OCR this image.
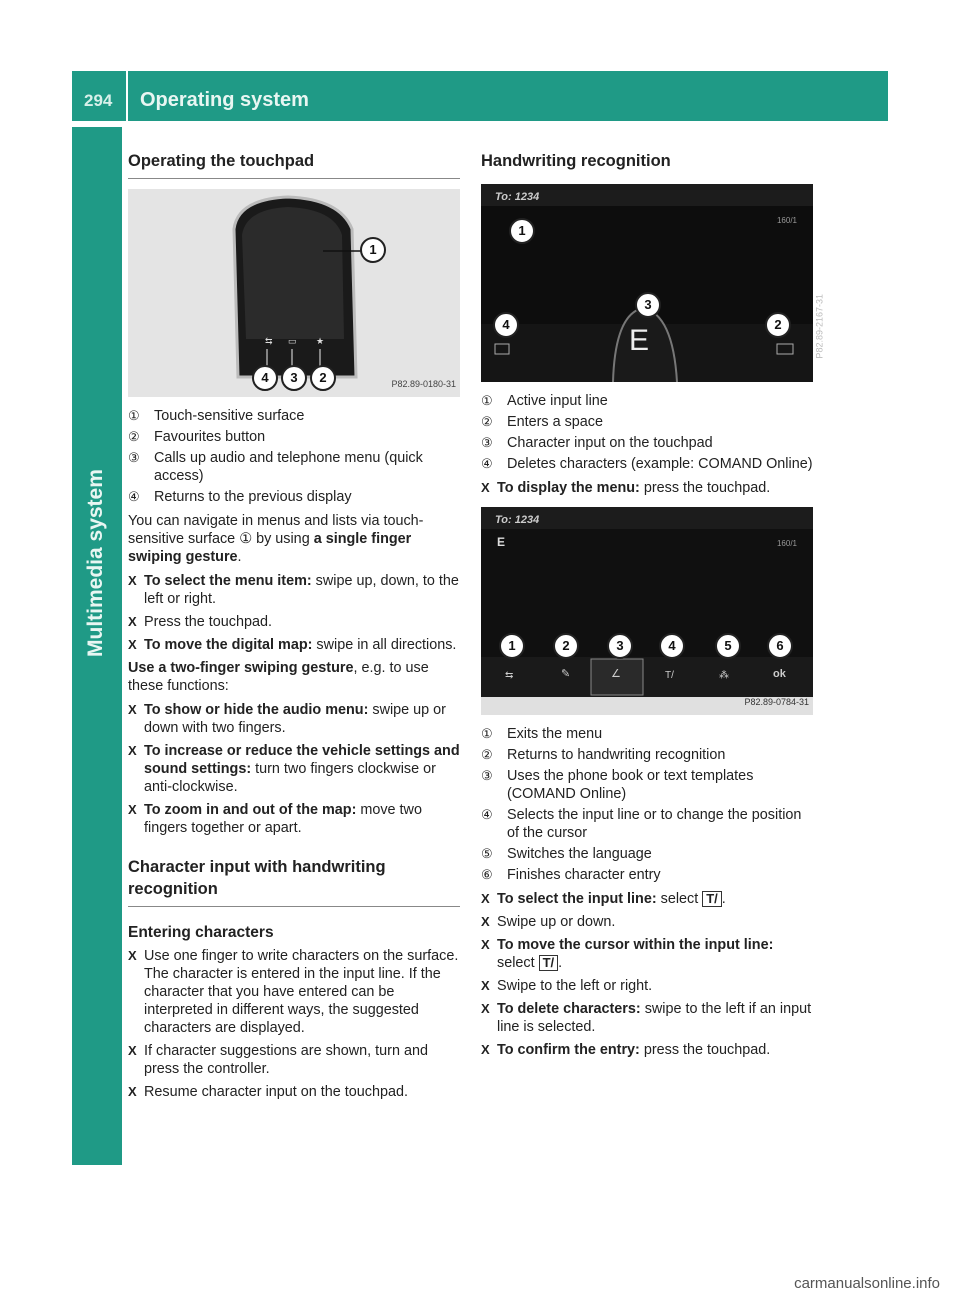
294 Operating system
Multimedia system
Operating the touchpad
⇆ ▭ ★
1
4	3	2	P82.89-0180-31
① Touch-sensitive surface
② Favourites button
③ Calls up audio and telephone menu (quick access)
④ Returns to the previous display

You can navigate in menus and lists via touch-sensitive surface ① by using a single finger swiping gesture.

X To select the menu item: swipe up, down, to the left or right.
X Press the touchpad.
X To move the digital map: swipe in all directions.

Use a two-finger swiping gesture, e.g. to use these functions:

X To show or hide the audio menu: swipe up or down with two fingers.
X To increase or reduce the vehicle settings and sound settings: turn two fingers clockwise or anti-clockwise.
X To zoom in and out of the map: move two fingers together or apart.
Character input with handwriting recognition
Entering characters
X Use one finger to write characters on the surface. The character is entered in the input line. If the character that you have entered can be interpreted in different ways, the suggested characters are displayed.
X If character suggestions are shown, turn and press the controller.
X Resume character input on the touchpad.
Handwriting recognition
To: 1234
160/1
E
1
3
4	2	P82.89-2167-31
① Active input line
② Enters a space
③ Character input on the touchpad
④ Deletes characters (example: COMAND Online)
X To display the menu: press the touchpad.
To: 1234
E	160/1
1	2	3	4	5	6
⇆	✎	∠	T/	⁂	ok
P82.89-0784-31
① Exits the menu
② Returns to handwriting recognition
③ Uses the phone book or text templates (COMAND Online)
④ Selects the input line or to change the position of the cursor
⑤ Switches the language
⑥ Finishes character entry
X To select the input line: select T/ .
X Swipe up or down.
X To move the cursor within the input line: select T/ .
X Swipe to the left or right.
X To delete characters: swipe to the left if an input line is selected.
X To confirm the entry: press the touchpad.
carmanualsonline.info
